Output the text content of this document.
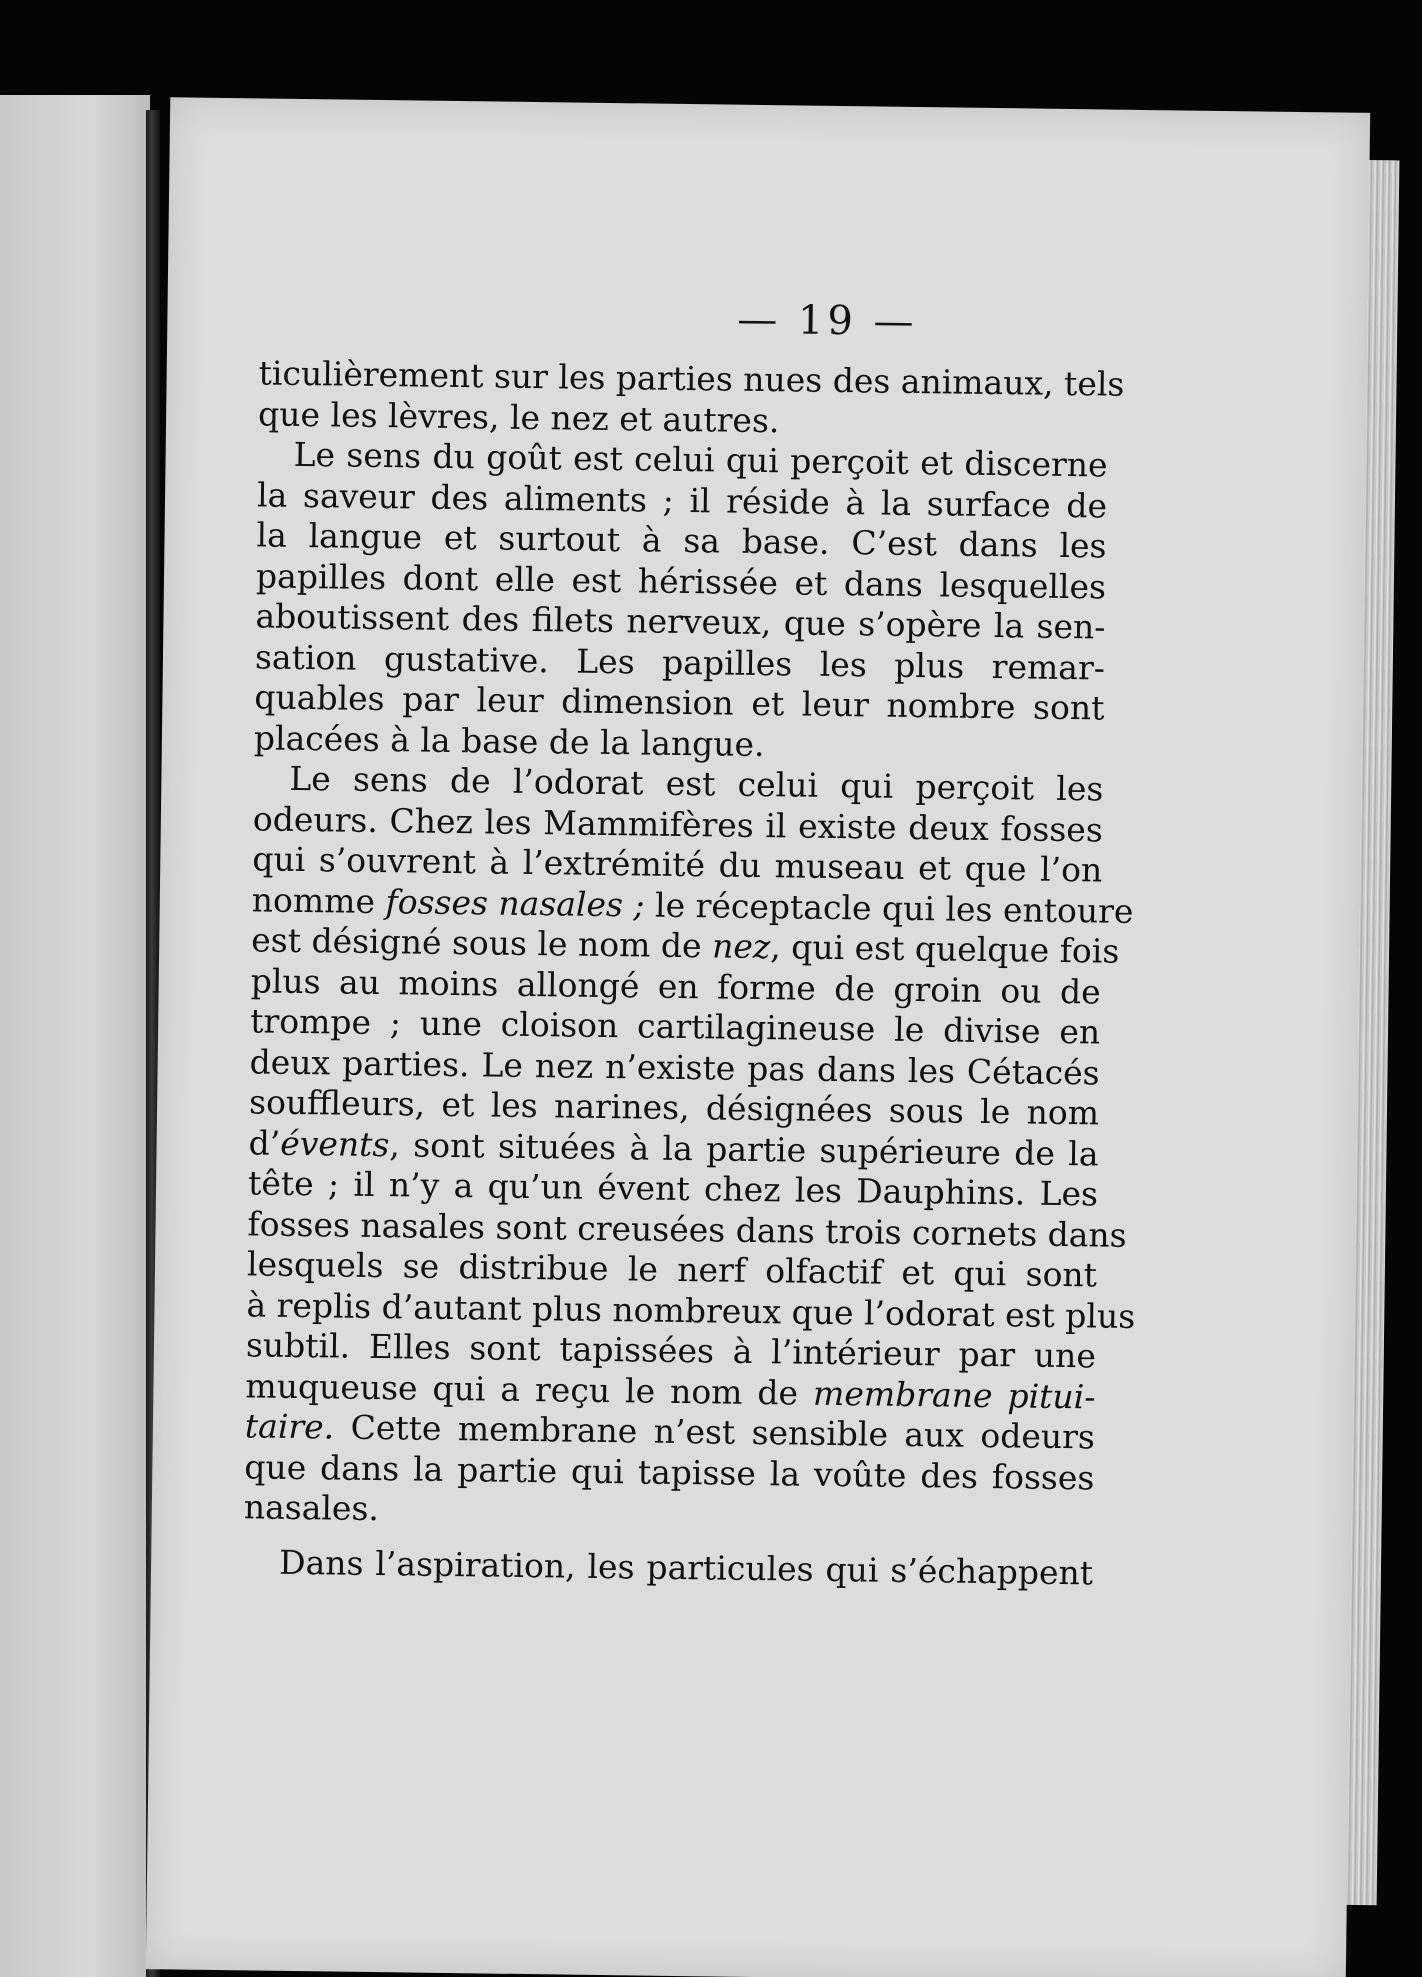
— 19 —
ticulièrement sur les parties nues des animaux, tels
que les lèvres, le nez et autres.
Le sens du goût est celui qui perçoit et discerne
la saveur des aliments ; il réside à la surface de
la langue et surtout à sa base. C’est dans les
papilles dont elle est hérissée et dans lesquelles
aboutissent des filets nerveux, que s’opère la sen-
sation gustative. Les papilles les plus remar-
quables par leur dimension et leur nombre sont
placées à la base de la langue.
Le sens de l’odorat est celui qui perçoit les
odeurs. Chez les Mammifères il existe deux fosses
qui s’ouvrent à l’extrémité du museau et que l’on
nomme fosses nasales ; le réceptacle qui les entoure
est désigné sous le nom de nez, qui est quelque fois
plus au moins allongé en forme de groin ou de
trompe ; une cloison cartilagineuse le divise en
deux parties. Le nez n’existe pas dans les Cétacés
souffleurs, et les narines, désignées sous le nom
d’évents, sont situées à la partie supérieure de la
tête ; il n’y a qu’un évent chez les Dauphins. Les
fosses nasales sont creusées dans trois cornets dans
lesquels se distribue le nerf olfactif et qui sont
à replis d’autant plus nombreux que l’odorat est plus
subtil. Elles sont tapissées à l’intérieur par une
muqueuse qui a reçu le nom de membrane pitui-
taire. Cette membrane n’est sensible aux odeurs
que dans la partie qui tapisse la voûte des fosses
nasales.
Dans l’aspiration, les particules qui s’échappent
